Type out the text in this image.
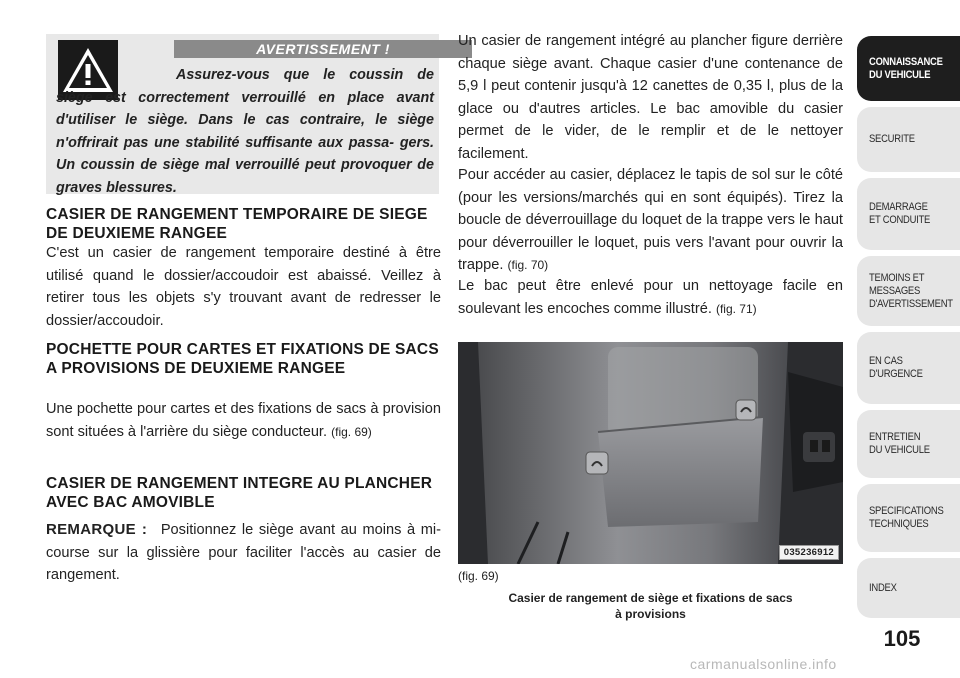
AVERTISSEMENT !
Assurez-vous que le coussin de siège est correctement verrouillé en place avant d'utiliser le siège. Dans le cas contraire, le siège n'offrirait pas une stabilité suffisante aux passa- gers. Un coussin de siège mal verrouillé peut provoquer de graves blessures.
CASIER DE RANGEMENT TEMPORAIRE DE SIEGE DE DEUXIEME RANGEE
C'est un casier de rangement temporaire destiné à être utilisé quand le dossier/accoudoir est abaissé. Veillez à retirer tous les objets s'y trouvant avant de redresser le dossier/accoudoir.
POCHETTE POUR CARTES ET FIXATIONS DE SACS A PROVISIONS DE DEUXIEME RANGEE
Une pochette pour cartes et des fixations de sacs à provision sont situées à l'arrière du siège conducteur. (fig. 69)
CASIER DE RANGEMENT INTEGRE AU PLANCHER AVEC BAC AMOVIBLE
REMARQUE : Positionnez le siège avant au moins à mi-course sur la glissière pour faciliter l'accès au casier de rangement.
Un casier de rangement intégré au plancher figure derrière chaque siège avant. Chaque casier d'une contenance de 5,9 l peut contenir jusqu'à 12 canettes de 0,35 l, plus de la glace ou d'autres articles. Le bac amovible du casier permet de le vider, de le remplir et de le nettoyer facilement.
Pour accéder au casier, déplacez le tapis de sol sur le côté (pour les versions/marchés qui en sont équipés). Tirez la boucle de déverrouillage du loquet de la trappe vers le haut pour déverrouiller le loquet, puis vers l'avant pour ouvrir la trappe. (fig. 70)
Le bac peut être enlevé pour un nettoyage facile en soulevant les encoches comme illustré. (fig. 71)
035236912
(fig. 69)
Casier de rangement de siège et fixations de sacs
à provisions
CONNAISSANCE
DU VEHICULE
SECURITE
DEMARRAGE
ET CONDUITE
TEMOINS ET
MESSAGES
D'AVERTISSEMENT
EN CAS
D'URGENCE
ENTRETIEN
DU VEHICULE
SPECIFICATIONS
TECHNIQUES
INDEX
105
carmanualsonline.info
